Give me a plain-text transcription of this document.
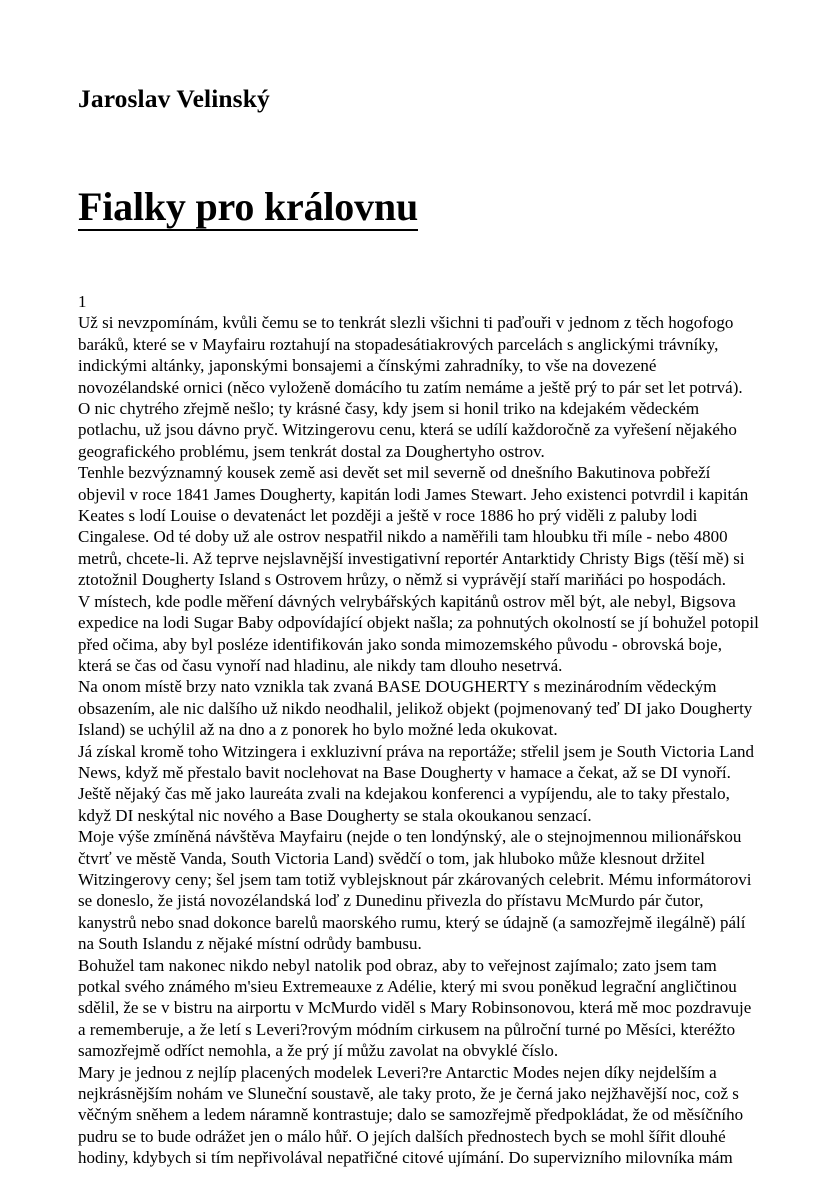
Jaroslav Velinský
Fialky pro královnu

1

Už si nevzpomínám, kvůli čemu se to tenkrát slezli všichni ti paďouři v jednom z těch hogofogo baráků, které se v Mayfairu roztahují na stopadesátiakrových parcelách s anglickými trávníky, indickými altánky, japonskými bonsajemi a čínskými zahradníky, to vše na dovezené novozélandské ornici (něco vyloženě domácího tu zatím nemáme a ještě prý to pár set let potrvá). O nic chytrého zřejmě nešlo; ty krásné časy, kdy jsem si honil triko na kdejakém vědeckém potlachu, už jsou dávno pryč. Witzingerovu cenu, která se udílí každoročně za vyřešení nějakého geografického problému, jsem tenkrát dostal za Doughertyho ostrov.

Tenhle bezvýznamný kousek země asi devět set mil severně od dnešního Bakutinova pobřeží objevil v roce 1841 James Dougherty, kapitán lodi James Stewart. Jeho existenci potvrdil i kapitán Keates s lodí Louise o devatenáct let později a ještě v roce 1886 ho prý viděli z paluby lodi Cingalese. Od té doby už ale ostrov nespatřil nikdo a naměřili tam hloubku tři míle - nebo 4800 metrů, chcete-li. Až teprve nejslavnější investigativní reportér Antarktidy Christy Bigs (těší mě) si ztotožnil Dougherty Island s Ostrovem hrůzy, o němž si vyprávějí staří mariňáci po hospodách.

V místech, kde podle měření dávných velrybářských kapitánů ostrov měl být, ale nebyl, Bigsova expedice na lodi Sugar Baby odpovídající objekt našla; za pohnutých okolností se jí bohužel potopil před očima, aby byl posléze identifikován jako sonda mimozemského původu - obrovská boje, která se čas od času vynoří nad hladinu, ale nikdy tam dlouho nesetrvá.

Na onom místě brzy nato vznikla tak zvaná BASE DOUGHERTY s mezinárodním vědeckým obsazením, ale nic dalšího už nikdo neodhalil, jelikož objekt (pojmenovaný teď DI jako Dougherty Island) se uchýlil až na dno a z ponorek ho bylo možné leda okukovat.

Já získal kromě toho Witzingera i exkluzivní práva na reportáže; střelil jsem je South Victoria Land News, když mě přestalo bavit noclehovat na Base Dougherty v hamace a čekat, až se DI vynoří. Ještě nějaký čas mě jako laureáta zvali na kdejakou konferenci a vypíjendu, ale to taky přestalo, když DI neskýtal nic nového a Base Dougherty se stala okoukanou senzací.

Moje výše zmíněná návštěva Mayfairu (nejde o ten londýnský, ale o stejnojmennou milionářskou čtvrť ve městě Vanda, South Victoria Land) svědčí o tom, jak hluboko může klesnout držitel Witzingerovy ceny; šel jsem tam totiž vyblejsknout pár zkárovaných celebrit. Mému informátorovi se doneslo, že jistá novozélandská loď z Dunedinu přivezla do přístavu McMurdo pár čutor, kanystrů nebo snad dokonce barelů maorského rumu, který se údajně (a samozřejmě ilegálně) pálí na South Islandu z nějaké místní odrůdy bambusu.

Bohužel tam nakonec nikdo nebyl natolik pod obraz, aby to veřejnost zajímalo; zato jsem tam potkal svého známého m'sieu Extremeauxe z Adélie, který mi svou poněkud legrační angličtinou sdělil, že se v bistru na airportu v McMurdo viděl s Mary Robinsonovou, která mě moc pozdravuje a rememberuje, a že letí s Leveri?rovým módním cirkusem na půlroční turné po Měsíci, kteréžto samozřejmě odříct nemohla, a že prý jí můžu zavolat na obvyklé číslo.

Mary je jednou z nejlíp placených modelek Leveri?re Antarctic Modes nejen díky nejdelším a nejkrásnějším nohám ve Sluneční soustavě, ale taky proto, že je černá jako nejžhavější noc, což s věčným sněhem a ledem náramně kontrastuje; dalo se samozřejmě předpokládat, že od měsíčního pudru se to bude odrážet jen o málo hůř. O jejích dalších přednostech bych se mohl šířit dlouhé hodiny, kdybych si tím nepřivolával nepatřičné citové ujímání. Do supervizního milovníka mám
